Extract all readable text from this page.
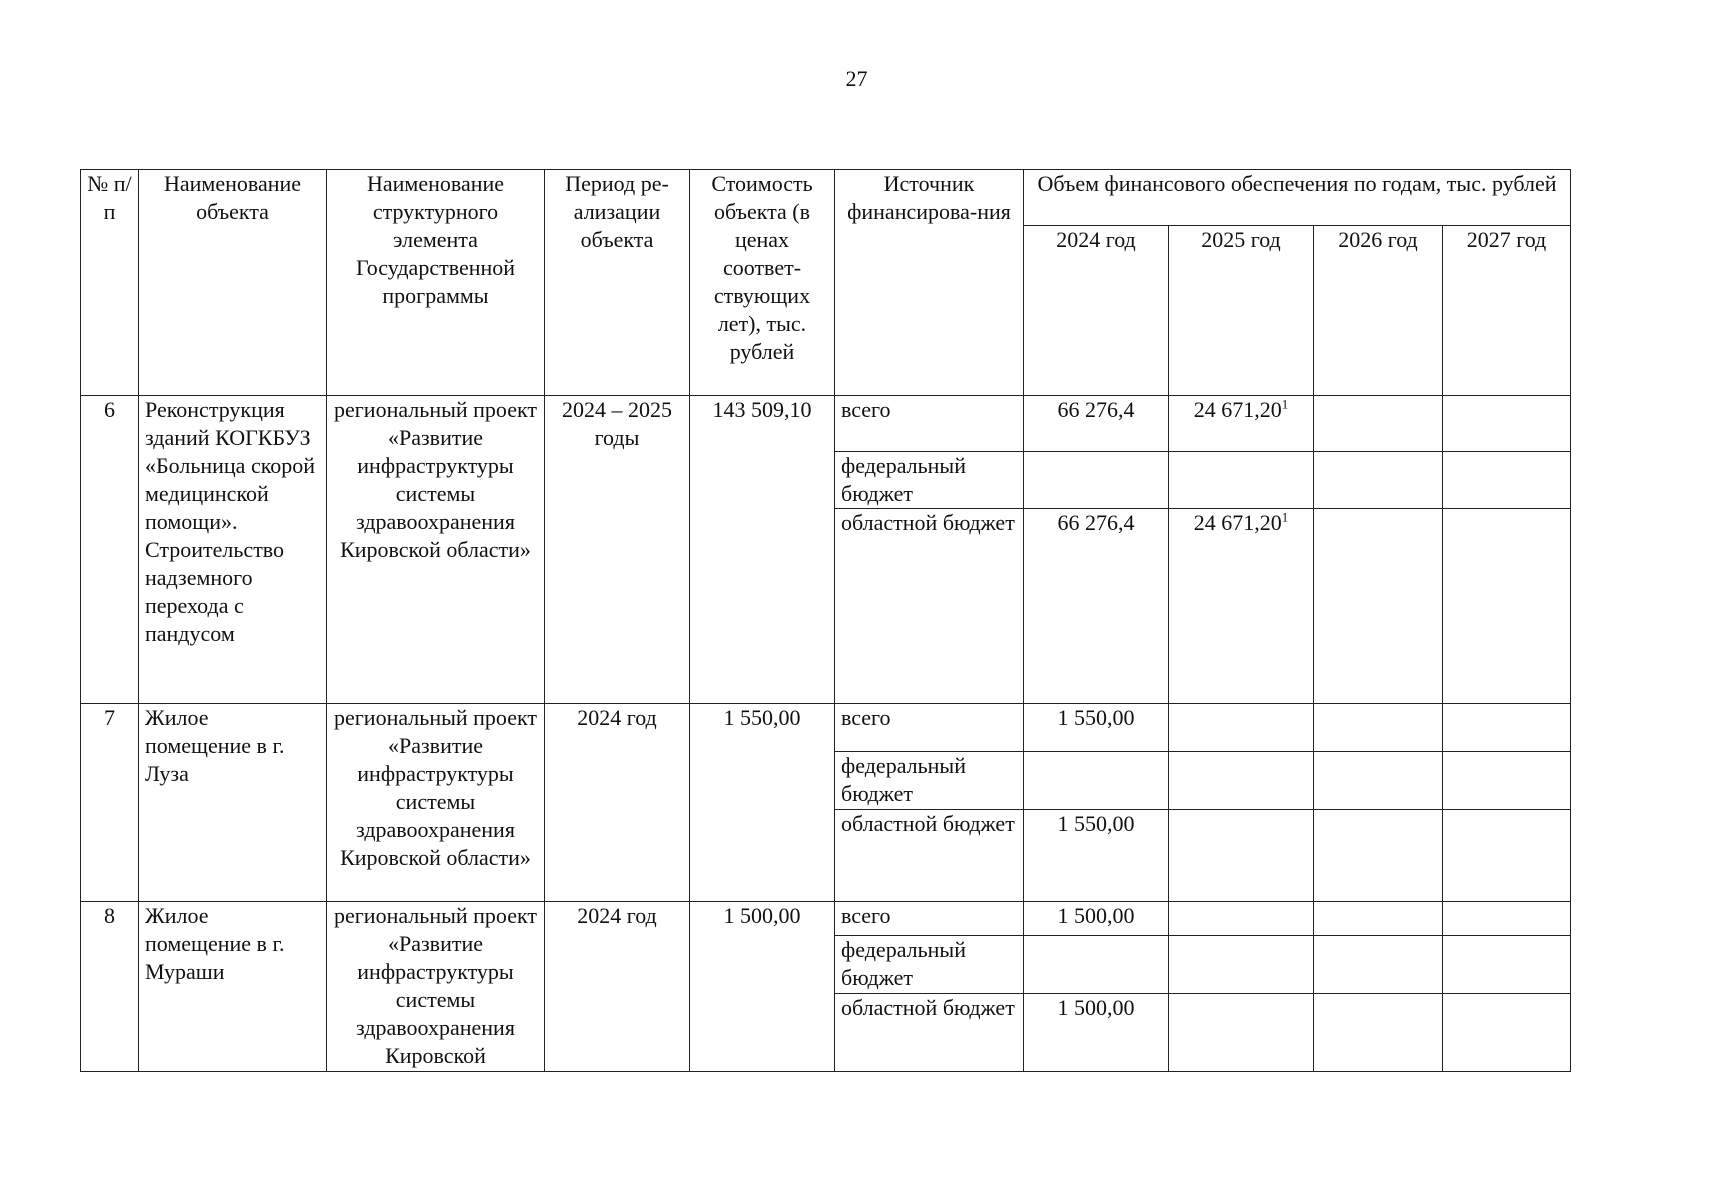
27
№ п/п	Наименование объекта	Наименование структурного элемента Государственной программы	Период ре-ализации объекта	Стоимость объекта (в ценах соответ-ствующих лет), тыс. рублей	Источник финансирова-ния	Объем финансового обеспечения по годам, тыс. рублей			
						2024 год	2025 год	2026 год	2027 год
6	Реконструкция зданий КОГКБУЗ «Больница скорой медицинской помощи». Строительство надземного перехода с пандусом	региональный проект «Развитие инфраструктуры системы здравоохранения Кировской области»	2024 – 2025 годы	143 509,10	всего	66 276,4	24 671,20$^1$		
					федеральный бюджет				
					областной бюджет	66 276,4	24 671,20$^1$		
7	Жилое помещение в г. Луза	региональный проект «Развитие инфраструктуры системы здравоохранения Кировской области»	2024 год	1 550,00	всего	1 550,00			
					федеральный бюджет				
					областной бюджет	1 550,00			
8	Жилое помещение в г. Мураши	региональный проект «Развитие инфраструктуры системы здравоохранения Кировской	2024 год	1 500,00	всего	1 500,00			
					федеральный бюджет				
					областной бюджет	1 500,00			
